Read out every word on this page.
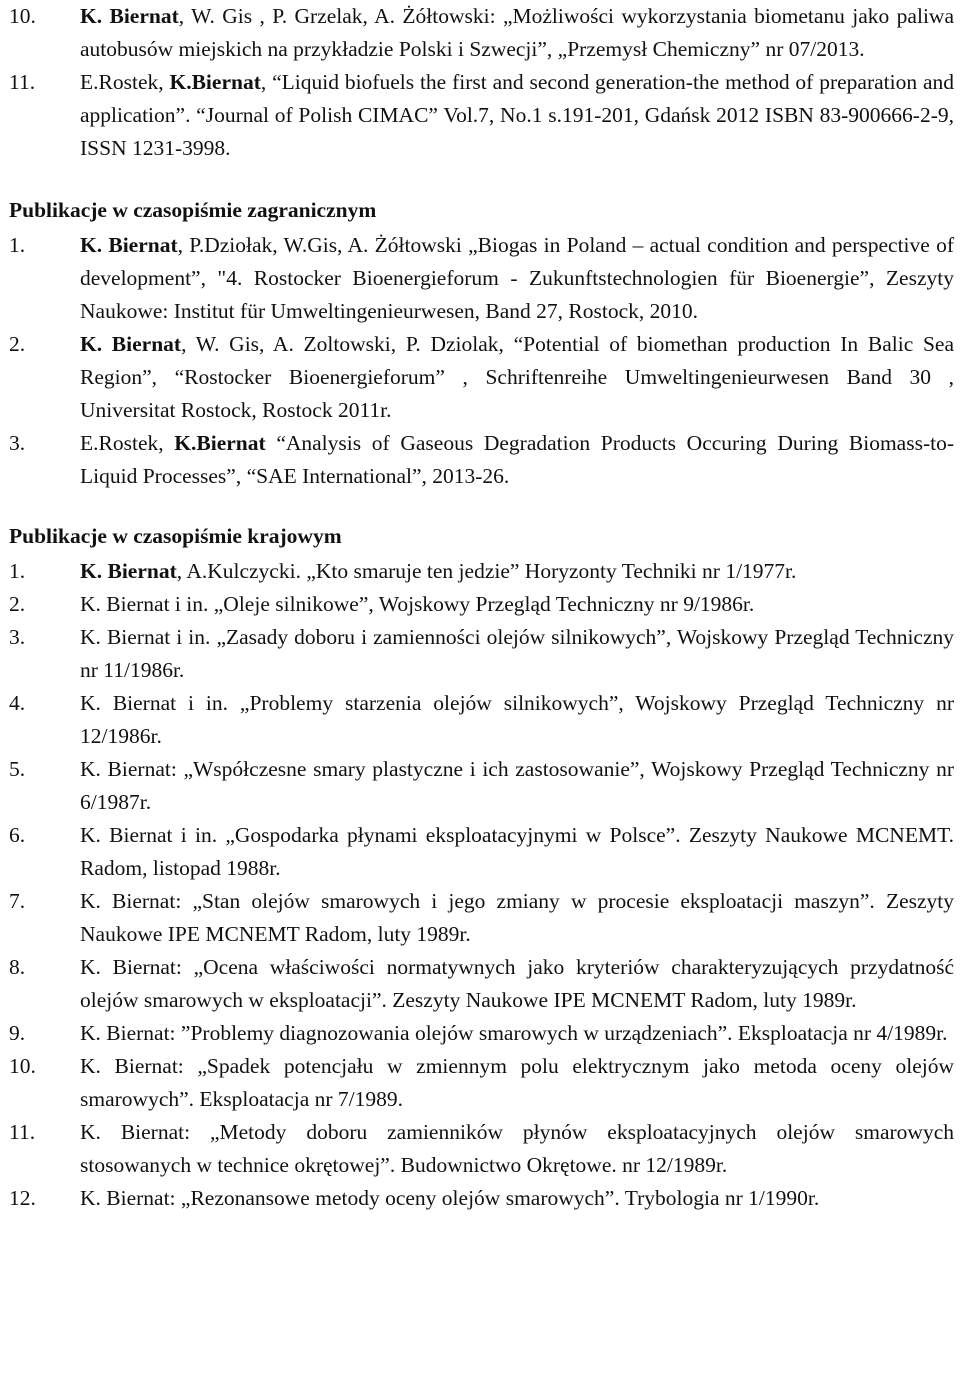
10. K. Biernat, W. Gis , P. Grzelak, A. Żółtowski: „Możliwości wykorzystania biometanu jako paliwa autobusów miejskich na przykładzie Polski i Szwecji”, „Przemysł Chemiczny” nr 07/2013.
11. E.Rostek, K.Biernat, “Liquid biofuels the first and second generation-the method of preparation and application”. “Journal of Polish CIMAC” Vol.7, No.1 s.191-201, Gdańsk 2012 ISBN 83-900666-2-9, ISSN 1231-3998.
Publikacje w czasopiśmie zagranicznym
1.	K. Biernat, P.Dziołak, W.Gis, A. Żółtowski „Biogas in Poland – actual condition and perspective of development”, "4. Rostocker Bioenergieforum - Zukunftstechnologien für Bioenergie”, Zeszyty Naukowe: Institut für Umweltingenieurwesen, Band 27, Rostock, 2010.
2.	K. Biernat, W. Gis, A. Zoltowski, P. Dziolak, “Potential of biomethan production In Balic Sea Region”, “Rostocker Bioenergieforum” , Schriftenreihe Umweltingenieurwesen Band 30 , Universitat Rostock, Rostock 2011r.
3.	E.Rostek, K.Biernat “Analysis of Gaseous Degradation Products Occuring During Biomass-to-Liquid Processes”, “SAE International”, 2013-26.
Publikacje w czasopiśmie krajowym
1.	K. Biernat, A.Kulczycki. „Kto smaruje ten jedzie” Horyzonty Techniki nr 1/1977r.
2.	K. Biernat i in. „Oleje silnikowe”, Wojskowy Przegląd Techniczny nr 9/1986r.
3.	K. Biernat i in. „Zasady doboru i zamienności olejów silnikowych”, Wojskowy Przegląd Techniczny nr 11/1986r.
4.	K. Biernat i in. „Problemy starzenia olejów silnikowych”, Wojskowy Przegląd Techniczny nr 12/1986r.
5.	K. Biernat: „Współczesne smary plastyczne i ich zastosowanie”, Wojskowy Przegląd Techniczny nr 6/1987r.
6.	K. Biernat i in. „Gospodarka płynami eksploatacyjnymi w Polsce”. Zeszyty Naukowe MCNEMT. Radom, listopad 1988r.
7.	K. Biernat: „Stan olejów smarowych i jego zmiany w procesie eksploatacji maszyn”. Zeszyty Naukowe IPE MCNEMT Radom, luty 1989r.
8.	K. Biernat: „Ocena właściwości normatywnych jako kryteriów charakteryzujących przydatność olejów smarowych w eksploatacji”. Zeszyty Naukowe IPE MCNEMT Radom, luty 1989r.
9.	K. Biernat: ”Problemy diagnozowania olejów smarowych w urządzeniach”. Eksploatacja nr 4/1989r.
10. K. Biernat: „Spadek potencjału w zmiennym polu elektrycznym jako metoda oceny olejów smarowych”. Eksploatacja nr 7/1989.
11. K. Biernat: „Metody doboru zamienników płynów eksploatacyjnych olejów smarowych stosowanych w technice okrętowej”. Budownictwo Okrętowe. nr 12/1989r.
12. K. Biernat: „Rezonansowe metody oceny olejów smarowych”. Trybologia nr 1/1990r.
